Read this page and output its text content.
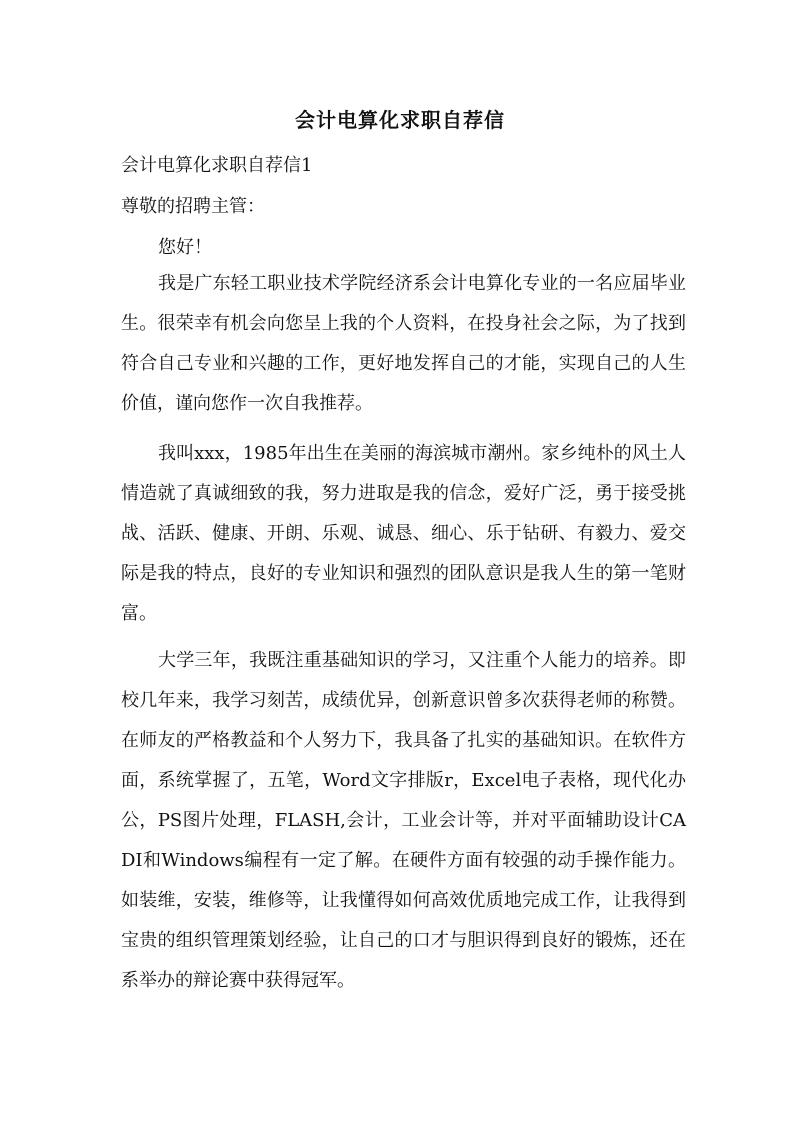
会计电算化求职自荐信
会计电算化求职自荐信1
尊敬的招聘主管：
您好！
我是广东轻工职业技术学院经济系会计电算化专业的一名应届毕业生。很荣幸有机会向您呈上我的个人资料，在投身社会之际，为了找到符合自己专业和兴趣的工作，更好地发挥自己的才能，实现自己的人生价值，谨向您作一次自我推荐。
我叫xxx，1985年出生在美丽的海滨城市潮州。家乡纯朴的风土人情造就了真诚细致的我，努力进取是我的信念，爱好广泛，勇于接受挑战、活跃、健康、开朗、乐观、诚恳、细心、乐于钻研、有毅力、爱交际是我的特点，良好的专业知识和强烈的团队意识是我人生的第一笔财富。
大学三年，我既注重基础知识的学习，又注重个人能力的培养。即校几年来，我学习刻苦，成绩优异，创新意识曾多次获得老师的称赞。在师友的严格教益和个人努力下，我具备了扎实的基础知识。在软件方面，系统掌握了，五笔，Word文字排版r，Excel电子表格，现代化办公，PS图片处理，FLASH,会计，工业会计等，并对平面辅助设计CADI和Windows编程有一定了解。在硬件方面有较强的动手操作能力。如装维，安装，维修等，让我懂得如何高效优质地完成工作，让我得到宝贵的组织管理策划经验，让自己的口才与胆识得到良好的锻炼，还在系举办的辩论赛中获得冠军。
